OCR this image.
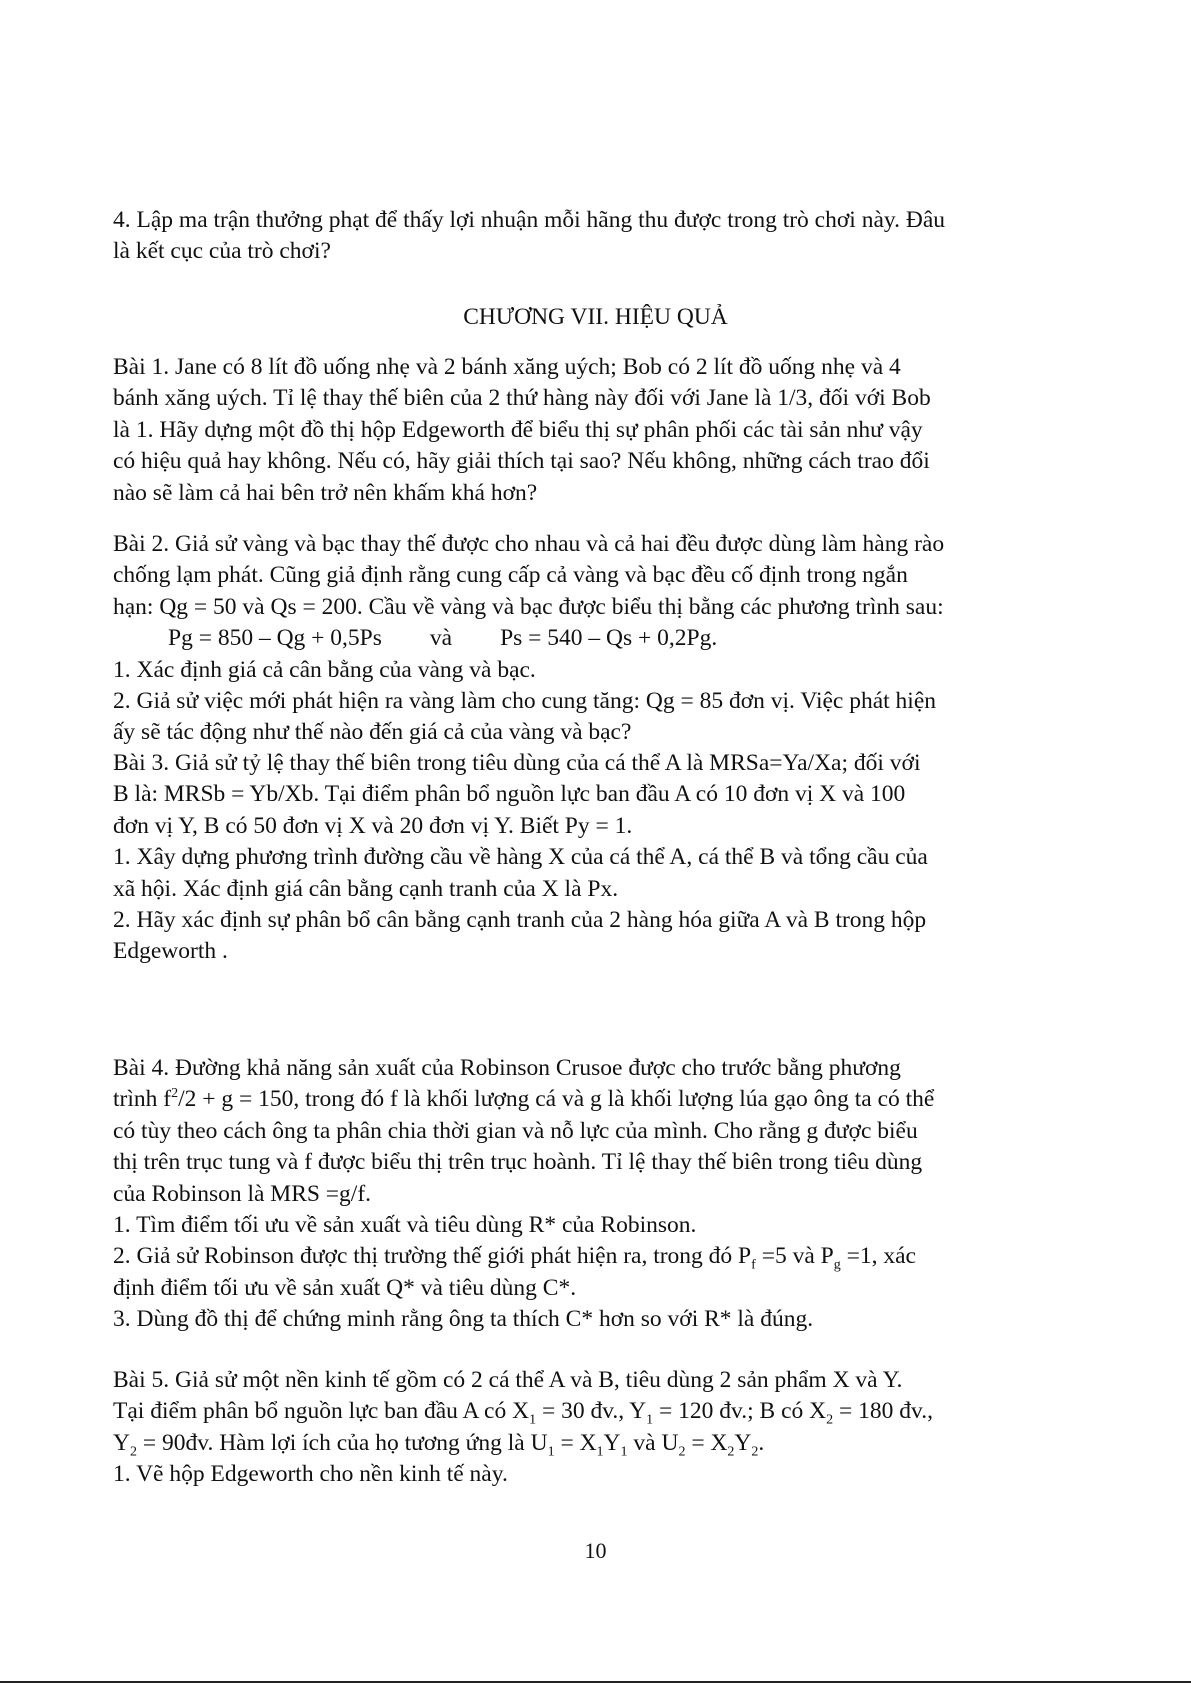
4. Lập ma trận thưởng phạt để thấy lợi nhuận mỗi hãng thu được trong trò chơi này. Đâu
là kết cục của trò chơi?
CHƯƠNG VII. HIỆU QUẢ
Bài 1. Jane có 8 lít đồ uống nhẹ và 2 bánh xăng uých; Bob có 2 lít đồ uống nhẹ và 4
bánh xăng uých. Tỉ lệ thay thế biên của 2 thứ hàng này đối với Jane là 1/3, đối với Bob
là 1. Hãy dựng một đồ thị hộp Edgeworth để biểu thị sự phân phối các tài sản như vậy
có hiệu quả hay không. Nếu có, hãy giải thích tại sao? Nếu không, những cách trao đổi
nào sẽ làm cả hai bên trở nên khấm khá hơn?
Bài 2. Giả sử vàng và bạc thay thế được cho nhau và cả hai đều được dùng làm hàng rào
chống lạm phát. Cũng giả định rằng cung cấp cả vàng và bạc đều cố định trong ngắn
hạn: Qg = 50 và Qs = 200. Cầu về vàng và bạc được biểu thị bằng các phương trình sau:
Pg = 850 – Qg + 0,5Ps và Ps = 540 – Qs + 0,2Pg.
1. Xác định giá cả cân bằng của vàng và bạc.
2. Giả sử việc mới phát hiện ra vàng làm cho cung tăng: Qg = 85 đơn vị. Việc phát hiện
ấy sẽ tác động như thế nào đến giá cả của vàng và bạc?
Bài 3. Giả sử tỷ lệ thay thế biên trong tiêu dùng của cá thể A là MRSa=Ya/Xa; đối với
B là: MRSb = Yb/Xb. Tại điểm phân bổ nguồn lực ban đầu A có 10 đơn vị X và 100
đơn vị Y, B có 50 đơn vị X và 20 đơn vị Y. Biết Py = 1.
1. Xây dựng phương trình đường cầu về hàng X của cá thể A, cá thể B và tổng cầu của
xã hội. Xác định giá cân bằng cạnh tranh của X là Px.
2. Hãy xác định sự phân bổ cân bằng cạnh tranh của 2 hàng hóa giữa A và B trong hộp
Edgeworth .
Bài 4. Đường khả năng sản xuất của Robinson Crusoe được cho trước bằng phương
trình $f^2/2 + g = 150$, trong đó f là khối lượng cá và g là khối lượng lúa gạo ông ta có thể
có tùy theo cách ông ta phân chia thời gian và nỗ lực của mình. Cho rằng g được biểu
thị trên trục tung và f được biểu thị trên trục hoành. Tỉ lệ thay thế biên trong tiêu dùng
của Robinson là MRS =g/f.
1. Tìm điểm tối ưu về sản xuất và tiêu dùng R* của Robinson.
2. Giả sử Robinson được thị trường thế giới phát hiện ra, trong đó $P_f =5$ và $P_g =1$, xác
định điểm tối ưu về sản xuất Q* và tiêu dùng C*.
3. Dùng đồ thị để chứng minh rằng ông ta thích C* hơn so với R* là đúng.
Bài 5. Giả sử một nền kinh tế gồm có 2 cá thể A và B, tiêu dùng 2 sản phẩm X và Y.
Tại điểm phân bổ nguồn lực ban đầu A có $X_1 = 30$ đv., $Y_1 = 120$ đv.; B có $X_2 = 180$ đv.,
$Y_2$ = 90đv. Hàm lợi ích của họ tương ứng là $U_1 = X_1Y_1$ và $U_2 = X_2Y_2$.
1. Vẽ hộp Edgeworth cho nền kinh tế này.
10
